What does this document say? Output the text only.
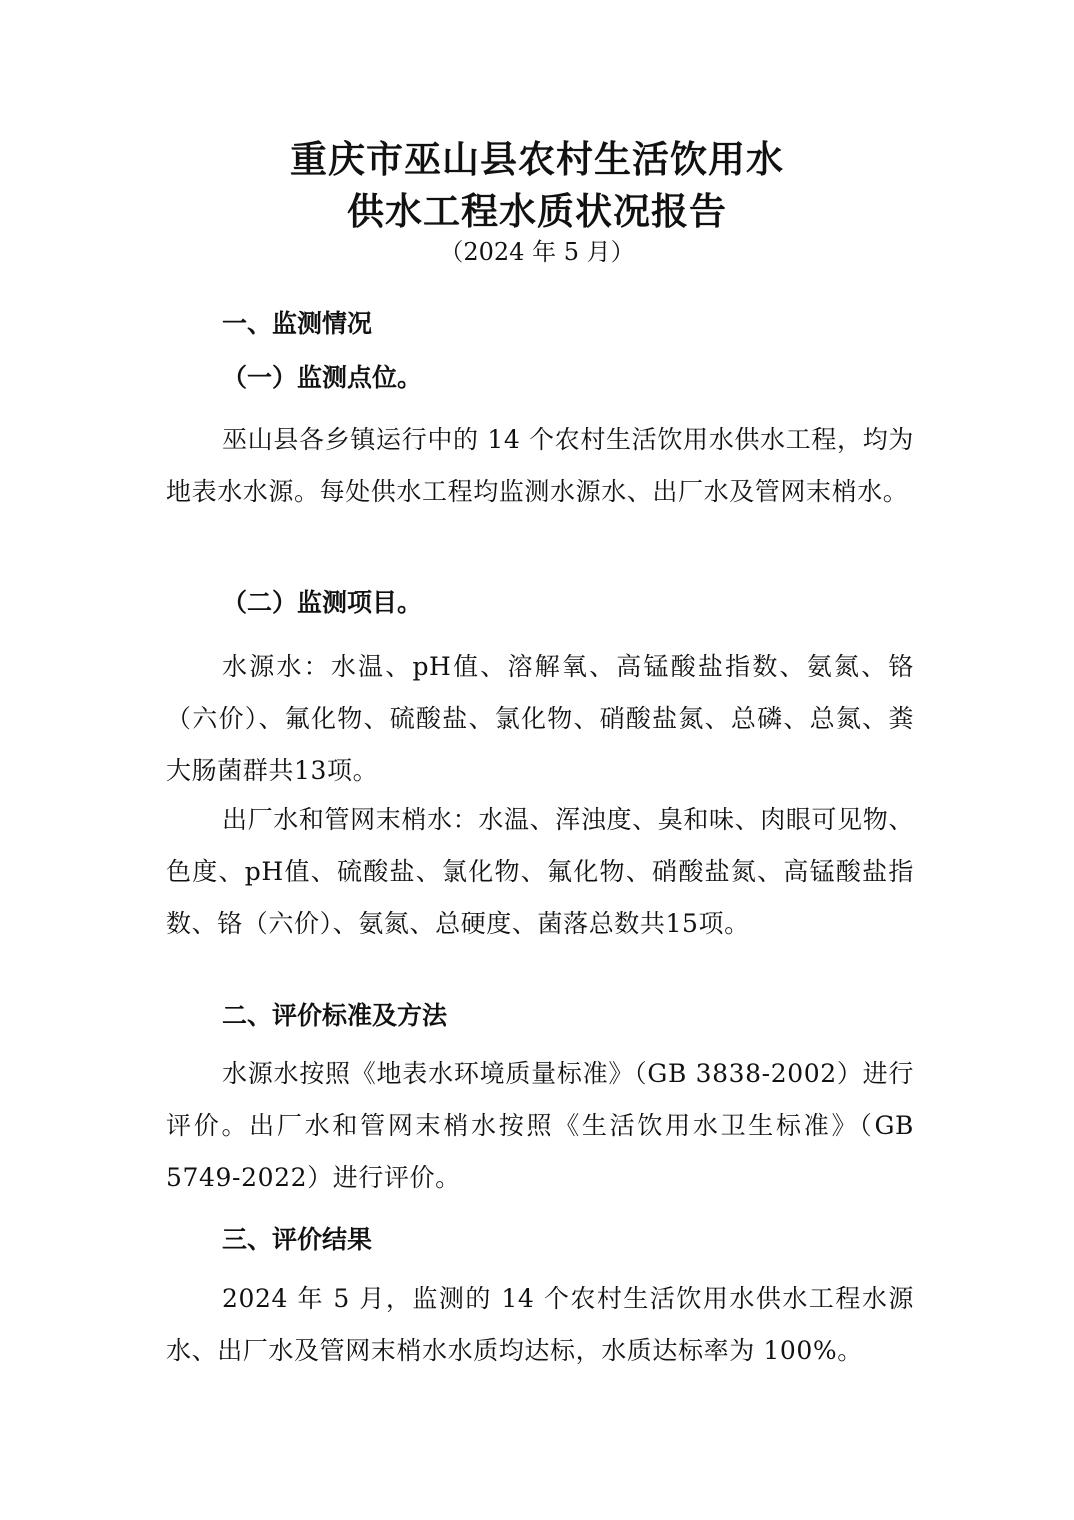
重庆市巫山县农村生活饮用水
供水工程水质状况报告

（2024 年 5 月）

一、监测情况
（一）监测点位。

巫山县各乡镇运行中的 14 个农村生活饮用水供水工程，均为地表水水源。每处供水工程均监测水源水、出厂水及管网末梢水。

（二）监测项目。

水源水：水温、pH值、溶解氧、高锰酸盐指数、氨氮、铬（六价）、氟化物、硫酸盐、氯化物、硝酸盐氮、总磷、总氮、粪大肠菌群共13项。

出厂水和管网末梢水：水温、浑浊度、臭和味、肉眼可见物、色度、pH值、硫酸盐、氯化物、氟化物、硝酸盐氮、高锰酸盐指数、铬（六价）、氨氮、总硬度、菌落总数共15项。

二、评价标准及方法

水源水按照《地表水环境质量标准》（GB 3838-2002）进行评价。出厂水和管网末梢水按照《生活饮用水卫生标准》（GB 5749-2022）进行评价。

三、评价结果

2024 年 5 月，监测的 14 个农村生活饮用水供水工程水源水、出厂水及管网末梢水水质均达标，水质达标率为 100%。
